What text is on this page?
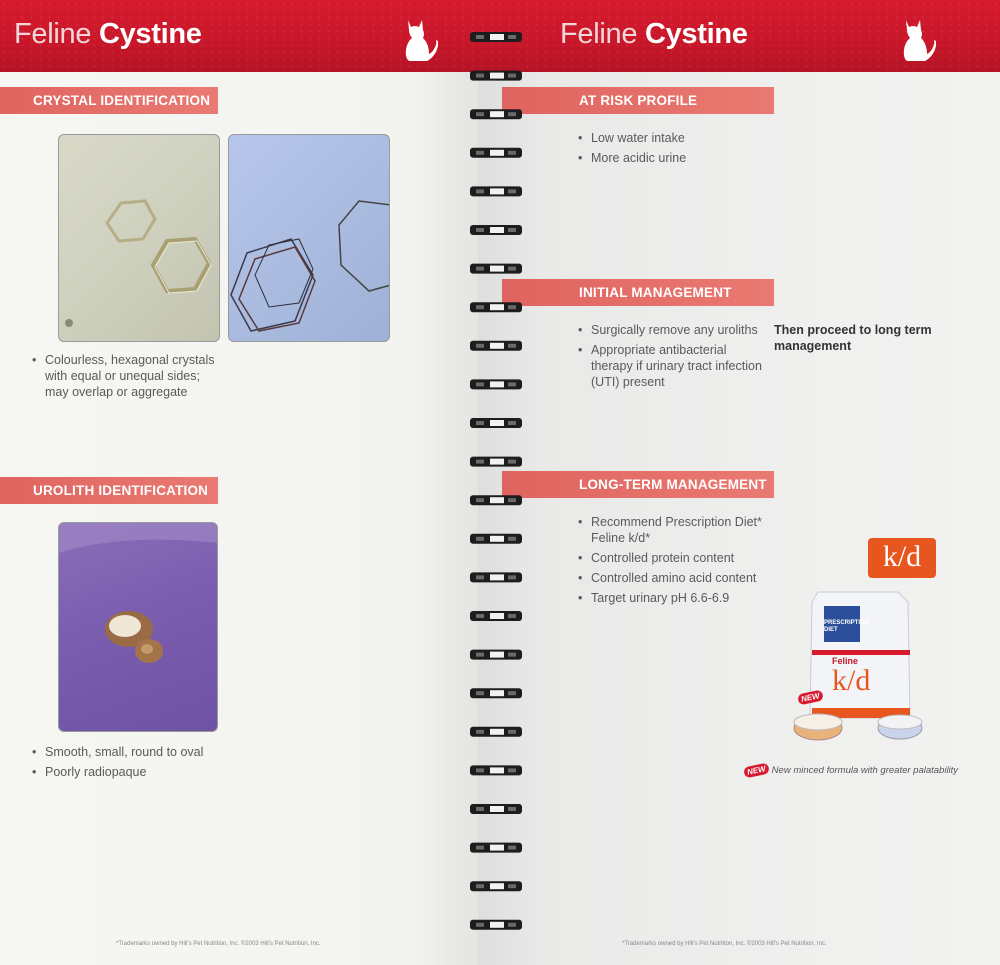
Feline Cystine
CRYSTAL IDENTIFICATION
• Colourless, hexagonal crystals with equal or unequal sides; may overlap or aggregate
UROLITH IDENTIFICATION
• Smooth, small, round to oval
• Poorly radiopaque
*Trademarks owned by Hill's Pet Nutrition, Inc. ©2003 Hill's Pet Nutrition, Inc.
Feline Cystine
AT RISK PROFILE
• Low water intake
• More acidic urine
INITIAL MANAGEMENT
• Surgically remove any uroliths
• Appropriate antibacterial therapy if urinary tract infection (UTI) present
Then proceed to long term management
LONG-TERM MANAGEMENT
• Recommend Prescription Diet* Feline k/d*
• Controlled protein content
• Controlled amino acid content
• Target urinary pH 6.6-6.9
k/d
PRESCRIPTION DIET
Feline
k/d
NEW
NEW New minced formula with greater palatability
*Trademarks owned by Hill's Pet Nutrition, Inc. ©2003 Hill's Pet Nutrition, Inc.
